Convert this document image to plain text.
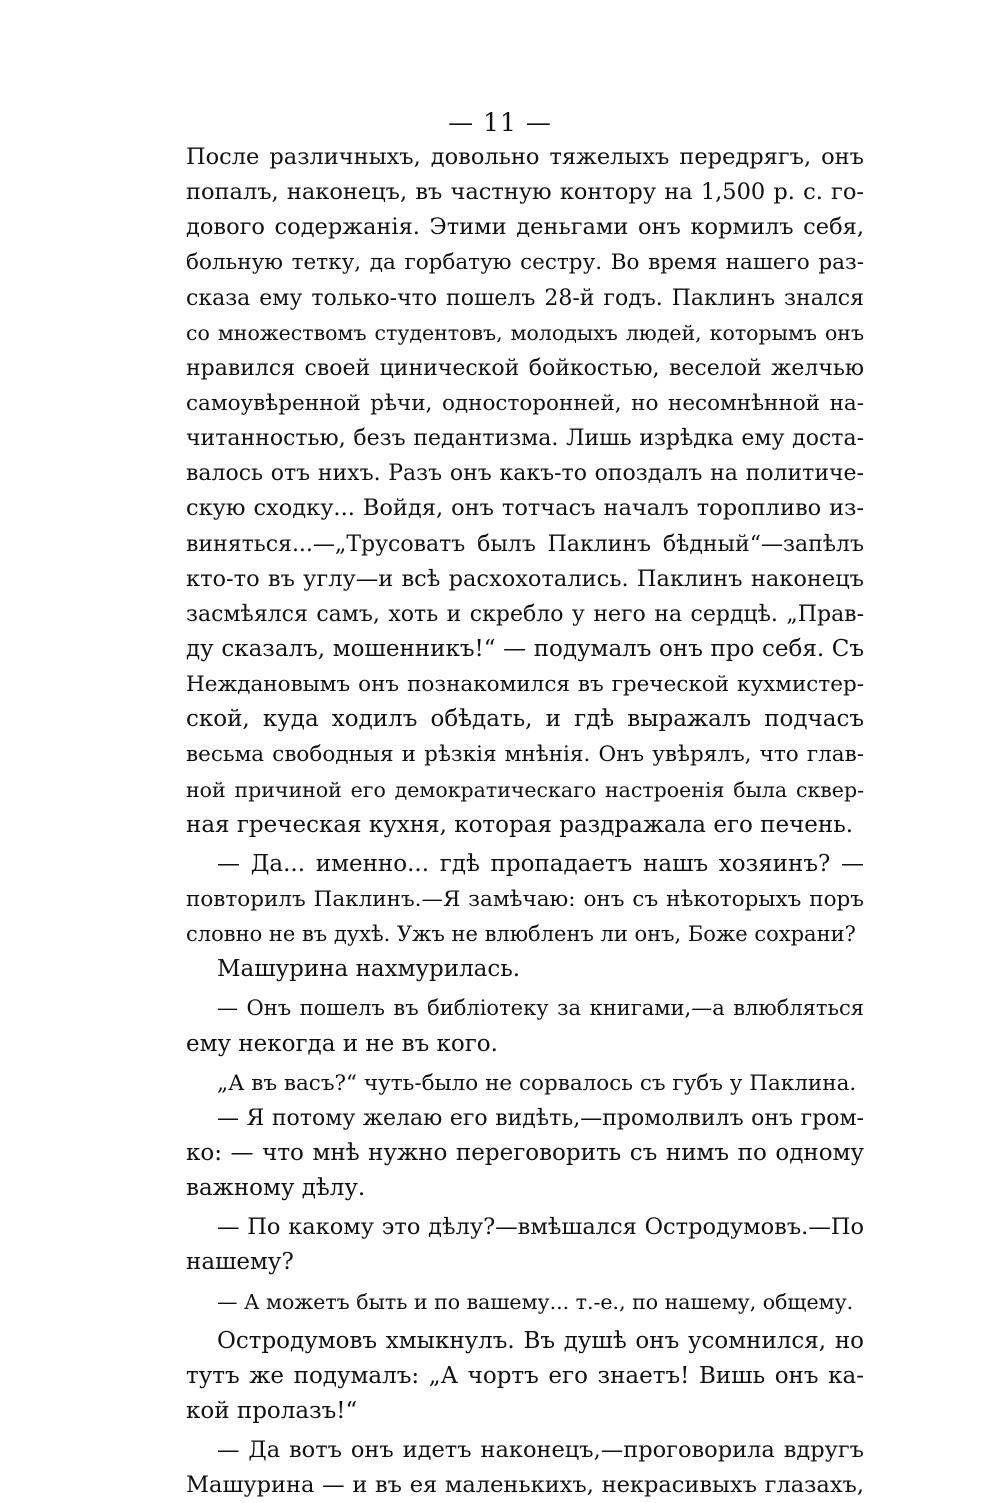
— 11 —
После различныхъ, довольно тяжелыхъ передрягъ, онъ
попалъ, наконецъ, въ частную контору на 1,500 р. с. го-
дового содержанія. Этими деньгами онъ кормилъ себя,
больную тетку, да горбатую сестру. Во время нашего раз-
сказа ему только-что пошелъ 28-й годъ. Паклинъ знался
со множествомъ студентовъ, молодыхъ людей, которымъ онъ
нравился своей цинической бойкостью, веселой желчью
самоувѣренной рѣчи, односторонней, но несомнѣнной на-
читанностью, безъ педантизма. Лишь изрѣдка ему доста-
валось отъ нихъ. Разъ онъ какъ-то опоздалъ на политиче-
скую сходку... Войдя, онъ тотчасъ началъ торопливо из-
виняться...—„Трусоватъ былъ Паклинъ бѣдный“—запѣлъ
кто-то въ углу—и всѣ расхохотались. Паклинъ наконецъ
засмѣялся самъ, хоть и скребло у него на сердцѣ. „Прав-
ду сказалъ, мошенникъ!“ — подумалъ онъ про себя. Съ
Неждановымъ онъ познакомился въ греческой кухмистер-
ской, куда ходилъ обѣдать, и гдѣ выражалъ подчасъ
весьма свободныя и рѣзкія мнѣнія. Онъ увѣрялъ, что глав-
ной причиной его демократическаго настроенія была сквер-
ная греческая кухня, которая раздражала его печень.
— Да... именно... гдѣ пропадаетъ нашъ хозяинъ? —
повторилъ Паклинъ.—Я замѣчаю: онъ съ нѣкоторыхъ поръ
словно не въ духѣ. Ужъ не влюбленъ ли онъ, Боже сохрани?
Машурина нахмурилась.
— Онъ пошелъ въ библіотеку за книгами,—а влюбляться
ему некогда и не въ кого.
„А въ васъ?“ чуть-было не сорвалось съ губъ у Паклина.
— Я потому желаю его видѣть,—промолвилъ онъ гром-
ко: — что мнѣ нужно переговорить съ нимъ по одному
важному дѣлу.
— По какому это дѣлу?—вмѣшался Остродумовъ.—По
нашему?
— А можетъ быть и по вашему... т.-е., по нашему, общему.
Остродумовъ хмыкнулъ. Въ душѣ онъ усомнился, но
тутъ же подумалъ: „А чортъ его знаетъ! Вишь онъ ка-
кой пролазъ!“
— Да вотъ онъ идетъ наконецъ,—проговорила вдругъ
Машурина — и въ ея маленькихъ, некрасивыхъ глазахъ,
